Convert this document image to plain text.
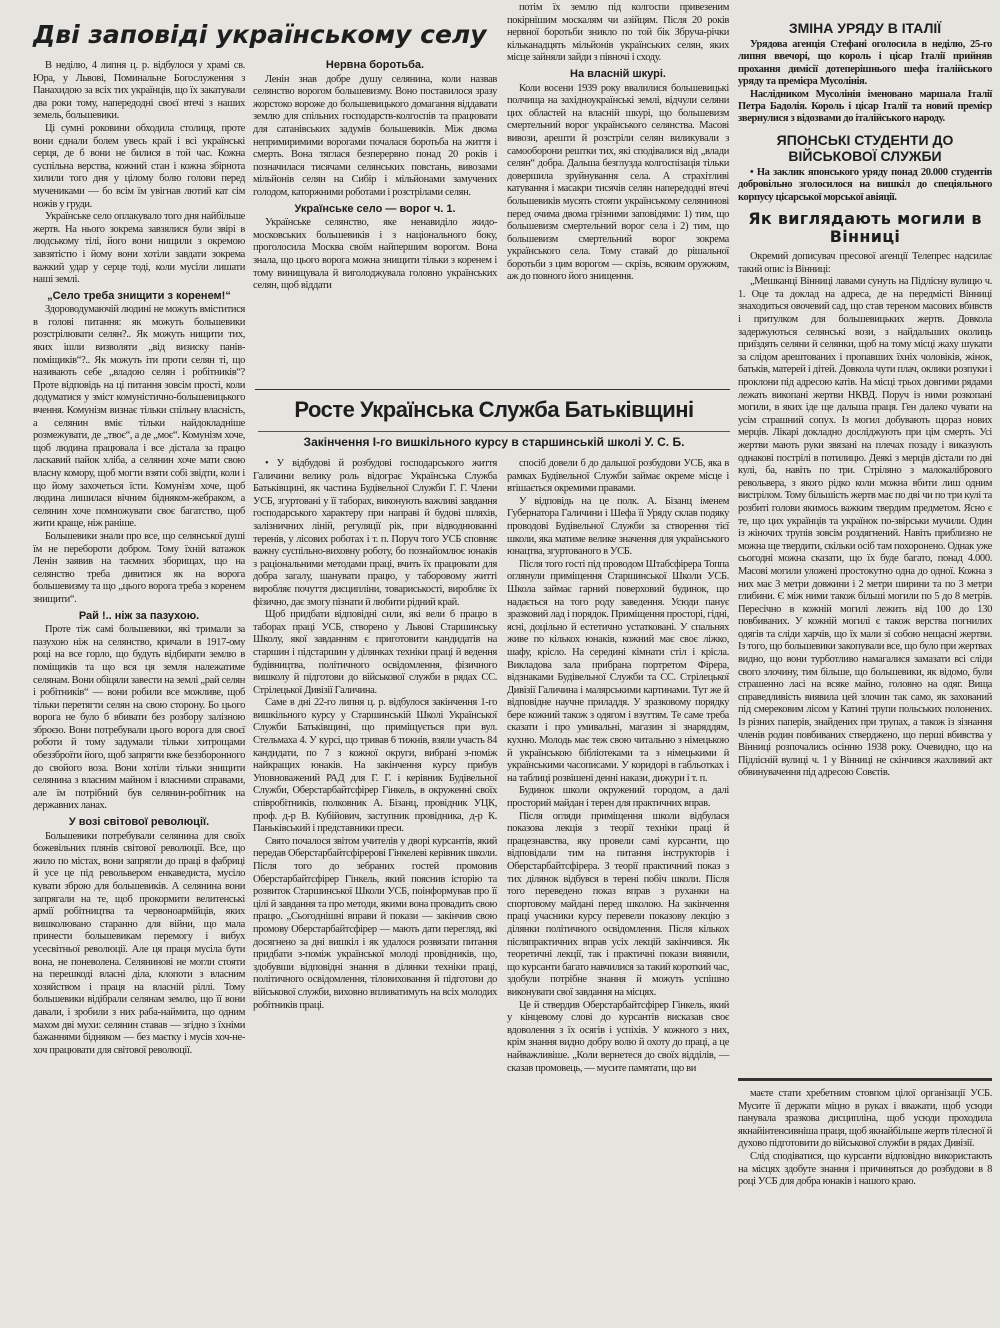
Дві заповіді українському селу

В неділю, 4 липня ц. р. відбулося у храмі св. Юра, у Львові, Поминальне Богослуження з Панахидою за всіх тих українців, що їх закатували два роки тому, напередодні своєї втечі з наших земель, большевики.

Ці сумні роковини обходила столиця, проте вони єднали болем увесь край і всі українські серця, де б вони не билися в той час. Кожна суспільна верства, кожний стан і кожна збірнота хилили того дня у цілому болю голови перед мучениками — бо всім їм увігнав лютий кат сім ножів у груди.

Українське село оплакувало того дня найбільше жертв. На нього зокрема завзялися були звірі в людському тілі, його вони нищили з окремою завзятістю і йому вони хотіли завдати зокрема важкий удар у серце тоді, коли мусіли лишати наші землі.

„Село треба знищити з коренем!“

Здороводумаючій людині не можуть вміститися в голові питання: як можуть большевики розстрілювати селян?.. Як можуть нищити тих, яких ішли визволяти „від визиску панів-поміщиків“?.. Як можуть іти проти селян ті, що називають себе „владою селян і робітників“? Проте відповідь на ці питання зовсім прості, коли додуматися у зміст комуністично-большевицького вчення. Комунізм визнає тільки спільну власність, а селянин вміє тільки найдокладніше розмежувати, де „твоє“, а де „моє“. Комунізм хоче, щоб людина працювала і все дістала за працю ласкавий пайок хліба, а селянин хоче мати свою власну комору, щоб могти взяти собі звідти, коли і що йому захочеться їсти. Комунізм хоче, щоб людина лишилася вічним бідняком-жебраком, а селянин хоче помножувати своє багатство, щоб жити краще, ніж раніше.

Большевики знали про все, що селянської душі їм не перебороти добром. Тому їхній ватажок Ленін заявив на таємних зборищах, що на селянство треба дивитися як на ворога большевизму та що „цього ворога треба з коренем знищити“.

Рай !.. ніж за пазухою.

Проте тіж самі большевики, які тримали за пазухою ніж на селянство, кричали в 1917-ому році на все горло, що будуть відбирати землю в поміщиків та що вся ця земля належатиме селянам. Вони обіцяли завести на землі „рай селян і робітників“ — вони робили все можливе, щоб тільки перетягти селян на свою сторону. Бо цього ворога не було б вбивати без розбору залізною зброєю. Вони потребували цього ворога для своєї роботи й тому задумали тільки хитрощами обеззброїти його, щоб запрягти вже беззборонного до свойого воза. Вони хотіли тільки знищити селянина з власним майном і власними справами, але їм потрібний був селянин-робітник на державних ланах.

У возі світової революції.

Большевики потребували селянина для своїх божевільних плянів світової революції. Все, що жило по містах, вони запрягли до праці в фабриці й усе це під револьвером енкаведиста, мусіло кувати зброю для большевиків. А селянина вони запрягали на те, щоб прокормити велитенські армії робітництва та червоноармійців, яких вишколювано старанно для війни, що мала принести большевикам перемогу і вибух усесвітньої революції. Але ця праця мусіла бути вона, не поневолена. Селянинові не могли стояти на перешкоді власні діла, клопоти з власним хозяйством і праця на власній ріллі. Тому большевики відібрали селянам землю, що її вони давали, і зробили з них раба-наймита, що одним махом дві мухи: селянин ставав — згідно з їхніми бажаннями бідняком — без маєтку і мусів хоч-не-хоч працювати для світової революції.

Нервна боротьба.

Ленін знав добре душу селянина, коли назвав селянство ворогом большевизму. Воно поставилося зразу жорстоко вороже до большевицького домагання віддавати землю для спільних господарств-колгоспів та працювати для сатанівських задумів большевиків. Між двома непримиримими ворогами почалася боротьба на життя і смерть. Вона тяглася безперервно понад 20 років і позначилася тисячами селянських повстань, вивозами мільйонів селян на Сибір і мільйонами замучених голодом, каторжними роботами і розстрілами селян.

Українське село — ворог ч. 1.

Українське селянство, яке ненавиділо жидо-московських большевиків і з національного боку, проголосила Москва своїм найпершим ворогом. Вона знала, що цього ворога можна знищити тільки з коренем і тому винищувала й виголоджувала головно українських селян, щоб віддати

потім їх землю під колгоспи привезеним покірнішим москалям чи азійцям. Після 20 років нервної боротьби зникло по той бік Збруча-річки кільканадцять мільйонів українських селян, яких місце зайняли зайди з півночі і сходу.

На власній шкурі.

Коли восени 1939 року ввалилися большевицькі полчища на західноукраїнські землі, відчули селяни цих областей на власній шкурі, що большевизм смертельний ворог українського селянства. Масові вивози, арешти й розстріли селян виликували з самооборони рештки тих, які сподівалися від „влади селян“ добра. Дальша безглузда колгоспізація тільки довершила зруйнування села. А страхітливі катування і масакри тисячів селян напередодні втечі большевиків мусять стояти українському селянинові перед очима двома грізними заповідями: 1) тим, що большевизм смертельний ворог села і 2) тим, що большевизм смертельний ворог зокрема українського села. Тому ставай до рішальної боротьби з цим ворогом — скрізь, всяким оружжям, аж до повного його знищення.

Росте Українська Служба Батьківщині
Закінчення І-го вишкільного курсу в старшинській школі У. С. Б.

• У відбудові й розбудові господарського життя Галичини велику роль відограє Українська Служба Батьківщині, як частина Будівельної Служби Г. Г. Члени УСБ, згуртовані у її таборах, виконують важливі завдання господарського характеру при направі й будові шляхів, залізничних ліній, регуляції рік, при відводнюванні теренів, у лісових роботах і т. п. Поруч того УСБ сповняє важну суспільно-виховну роботу, бо познайомлює юнаків з раціональними методами праці, вчить їх працювати для добра загалу, шанувати працю, у таборовому житті виробляє почуття дисципліни, товариськості, виробляє їх фізично, дає змогу пізнати й любити рідний край.

Щоб придбати відповідні сили, які вели б працю в таборах праці УСБ, створено у Львові Старшинську Школу, якої завданням є приготовити кандидатів на старшин і підстаршин у ділянках техніки праці й ведення будівництва, політичного освідомлення, фізичного вишколу й підготови до військової служби в рядах СС. Стрілецької Дивізії Галичина.

Саме в дні 22-го липня ц. р. відбулося закінчення 1-го вишкільного курсу у Старшинській Школі Української Служби Батьківщині, що приміщується при вул. Стельмаха 4. У курсі, що тривав 6 тижнів, взяли участь 84 кандидати, по 7 з кожної округи, вибрані з-поміж найкращих юнаків. На закінчення курсу прибув Уповноважений РАД для Г. Г. і керівник Будівельної Служби, Оберстарбайтсфірер Гінкель, в окруженні своїх співробітників, полковник А. Бізанц, провідник УЦК, проф. д-р В. Кубійович, заступник провідника, д-р К. Паньківський і представники преси.

Свято почалося звітом учителів у дворі курсантів, який передав Оберстарбайтсфірерові Гінкелеві керівник школи. Після того до зебраних гостей промовив Оберстарбайтсфірер Гінкель, який пояснив історію та розвиток Старшинської Школи УСБ, поінформував про її цілі й завдання та про методи, якими вона провадить свою працю. „Сьогоднішні вправи й покази — закінчив свою промову Оберстарбайтсфірер — мають дати перегляд, які досягнено за дні вишкіл і як удалося розвязати питання придбати з-поміж української молоді провідників, що, здобувши відповідні знання в ділянки техніки праці, політичного освідомлення, тіловиховання й підготови до військової служби, виховно впливатимуть на всіх молодих робітників праці.

спосіб довели б до дальшої розбудови УСБ, яка в рамках Будівельної Служби займає окреме місце і втішається окремими правами.

У відповідь на це полк. А. Бізанц іменем Губернатора Галичини і Шефа її Уряду склав подяку проводові Будівельної Служби за створення тієї школи, яка матиме велике значення для українського юнацтва, згуртованого в УСБ.

Після того гості під проводом Штабсфірера Топпа оглянули приміщення Старшинської Школи УСБ. Школа займає гарний поверховий будинок, що надається на того роду заведення. Усюди панує зразковий лад і порядок. Приміщення просторі, гідні, ясні, доцільно й естетично устатковані. У спальнях живе по кількох юнаків, кожний має своє ліжко, шафу, крісло. На середині кімнати стіл і крісла. Викладова зала прибрана портретом Фірера, відзнаками Будівельної Служби та СС. Стрілецької Дивізії Галичина і малярськими картинами. Тут же й відповідне научне приладдя. У зразковому порядку бере кожний також з одягом і взуттям. Те саме треба сказати і про умивальні, магазин зі знаряддям, кухню. Молодь має теж свою читальню з німецькою й українською бібліотеками та з німецькими й українськими часописами. У коридорі в габльотках і на таблиці розвішені денні накази, дижури і т. п.

Будинок школи окружений городом, а далі просторий майдан і терен для практичних вправ.

Після огляди приміщення школи відбулася показова лекція з теорії техніки праці й працезнавства, яку провели самі курсанти, що відповідали тим на питання інструкторів і Оберстарбайтсфірера. З теорії практичний показ з тих ділянок відбувся в терені побіч школи. Після того переведено показ вправ з руханки на спортовому майдані перед школою. На закінчення праці учасники курсу перевели показову лекцію з ділянки політичного освідомлення. Після кількох післяпрактичних вправ усіх лекцій закінчився. Як теоретичні лекції, так і практичні покази виявили, що курсанти багато навчилися за такий короткий час, здобули потрібне знання й можуть успішно виконувати свої завдання на місцях.

Це й ствердив Оберстарбайтсфірер Гінкель, який у кінцевому слові до курсантів висказав своє вдоволення з їх осягів і успіхів. У кожного з них, крім знання видно добру волю й охоту до праці, а це найважливіше. „Коли вернетеся до своїх відділів, — сказав промовець, — мусите памятати, що ви

ЗМІНА УРЯДУ В ІТАЛІЇ

Урядова агенція Стефані оголосила в неділю, 25-го липня ввечорі, що король і цісар Італії прийняв прохання димісії дотеперішнього шефа італійського уряду та премієра Мусолінія.

Наслідником Мусолінія іменовано маршала Італії Петра Бадолія. Король і цісар Італії та новий премієр звернулися з відозвами до італійського народу.

ЯПОНСЬКІ СТУДЕНТИ ДО ВІЙСЬКОВОЇ СЛУЖБИ

• На заклик японського уряду понад 20.000 студентів добровільно зголосилося на вишкіл до спеціяльного корпусу цісарської морської авіяції.

Як виглядають могили в Вінниці

Окремий дописувач пресової агенції Телепрес надсилає такий опис із Вінниці:

„Мешканці Вінниці лавами сунуть на Підлісну вулицю ч. 1. Оце та доклад на адреса, де на передмісті Вінниці знаходиться овочевий сад, що став тереном масових вбивств і притулком для большевицьких жертв. Довкола задержуються селянські вози, з найдальших околиць приїздять селяни й селянки, щоб на тому місці жаху шукати за слідом арештованих і пропавших їхніх чоловіків, жінок, батьків, матерей і дітей. Довкола чути плач, оклики розпуки і проклони під адресою катів. На місці трьох довгими рядами лежать викопані жертви НКВД. Поруч із ними розкопані могили, в яких іде ще дальша праця. Ген далеко чувати на усім страшний сопух. Із могил добувають щораз нових мерців. Лікарі докладно досліджують при цім смерть. Усі жертви мають руки звязані на плечах позаду і виказують однакові пострілі в потилицю. Деякі з мерців дістали по дві кулі, ба, навіть по три. Стріляно з малокалібрового револьвера, з якого рідко коли можна вбити лиш одним вистрілом. Тому більшість жертв має по дві чи по три кулі та розбиті голови якимось важким твердим предметом. Ясно є те, що цих українців та українок по-звірськи мучили. Один із жіночих трупів зовсім роздягнений. Навіть приблизно не можна ще твердити, скільки осіб там похоронено. Однак уже сьогодні можна сказати, що їх буде багато, понад 4.000. Масові могили уложені простокутно одна до одної. Кожна з них має 3 метри довжини і 2 метри ширини та по 3 метри глибини. Є між ними також більші могили по 5 до 8 метрів. Пересічно в кожній могилі лежить від 100 до 130 повбиваних. У кожній могилі є також верства погнилих одягів та сліди харчів, що їх мали зі собою нещасні жертви. Із того, що большевики закопували все, що було при жертвах видно, що вони турботливо намагалися замазати всі сліди свого злочину, тим більше, що большевики, як відомо, були страшенно ласі на всяке майно, головно на одяг. Вища справедливість виявила цей злочин так само, як захований під смерековим лісом у Катині трупи польських полонених. Із різних паперів, знайдених при трупах, а також із зізнання членів родин повбиваних стверджено, що перші вбивства у Вінниці розпочались осінню 1938 року. Очевидно, що на Підлісній вулиці ч. 1 у Вінниці не скінчився жахливий акт обвинувачення під адресою Совєтів.

маєте стати хребетним стовпом цілої організації УСБ. Мусите її держати міцно в руках і вважати, щоб усюди панувала зразкова дисципліна, щоб усюди проходила якнайінтенсивніша праця, щоб якнайбільше жертв тілесної й духово підготовити до військової служби в рядах Дивізії.

Слід сподіватися, що курсанти відповідно використають на місцях здобуте знання і причиняться до розбудови в 8 році УСБ для добра юнаків і нашого краю.
